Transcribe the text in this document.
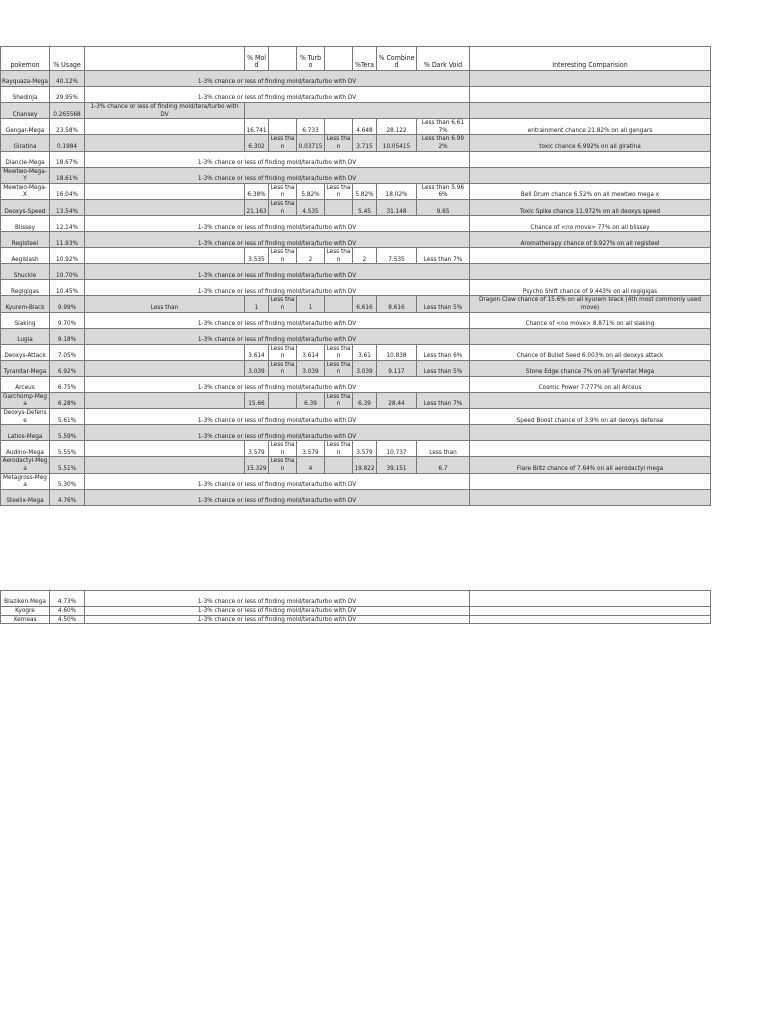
pokemon	% Usage		% Mold		% Turbo		%Tera	% Combined	% Dark Void	Interesting Comparision
Rayquaza-Mega	40.12%	1-3% chance or less of finding mold/tera/turbo with DV								
Shedinja	29.95%	1-3% chance or less of finding mold/tera/turbo with DV								
Chansey	0.265568	1-3% chance or less of finding mold/tera/turbo with DV								
Gengar-Mega	23.58%		16.741		6.733		4.648	28.122	Less than 6.617%	entrainment chance 21.82% on all gengars
Giratina	0.1984		6.302	Less than	0.03715	Less than	3.715	10.05415	Less than 6.992%	toxic chance 6.992% on all giratina
Diancie-Mega	18.67%	1-3% chance or less of finding mold/tera/turbo with DV								
Mewtwo-Mega-Y	18.61%	1-3% chance or less of finding mold/tera/turbo with DV								
Mewtwo-Mega-X	16.04%		6.38%	Less than	5.82%	Less than	5.82%	18.02%	Less than 5.966%	Bell Drum chance 6.52% on all mewtwo mega x
Deoxys-Speed	13.54%		21.163	Less than	4.535		5.45	31.148	9.65	Toxic Spike chance 11.972% on all deoxys speed
Blissey	12.14%	1-3% chance or less of finding mold/tera/turbo with DV								Chance of <no move> 77% on all blissey
Registeel	11.93%	1-3% chance or less of finding mold/tera/turbo with DV								Aromatherapy chance of 9.927% on all registeel
Aegislash	10.92%		3.535	Less than	2	Less than	2	7.535	Less than 7%	
Shuckle	10.70%	1-3% chance or less of finding mold/tera/turbo with DV								
Regigigas	10.45%	1-3% chance or less of finding mold/tera/turbo with DV								Psycho Shift chance of 9.443% on all regigigas
Kyurem-Black	9.99%	Less than	1	Less than	1		6.616	8.616	Less than 5%	Dragon Claw chance of 15.6% on all kyurem black (4th most commonly used move)
Slaking	9.70%	1-3% chance or less of finding mold/tera/turbo with DV								Chance of <no move> 8.871% on all slaking
Lugia	9.18%	1-3% chance or less of finding mold/tera/turbo with DV								
Deoxys-Attack	7.05%		3.614	Less than	3.614	Less than	3.61	10.838	Less than 6%	Chance of Bullet Seed 6.003% on all deoxys attack
Tyranitar-Mega	6.92%		3.039	Less than	3.039	Less than	3.039	9.117	Less than 5%	Stone Edge chance 7% on all Tyranitar Mega
Arceus	6.75%	1-3% chance or less of finding mold/tera/turbo with DV								Cosmic Power 7.777% on all Arceus
Garchomp-Mega	6.28%		15.66		6.39	Less than	6.39	28.44	Less than 7%	
Deoxys-Defense	5.61%	1-3% chance or less of finding mold/tera/turbo with DV								Speed Boost chance of 3.9% on all deoxys defense
Latios-Mega	5.59%	1-3% chance or less of finding mold/tera/turbo with DV								
Audino-Mega	5.55%		3.579	Less than	3.579	Less than	3.579	10.737	Less than	
Aerodactyl-Mega	5.51%		15.329	Less than	4		19.822	39.151	6.7	Flare Blitz chance of 7.64% on all aerodactyl mega
Metagross-Mega	5.30%	1-3% chance or less of finding mold/tera/turbo with DV								
Steelix-Mega	4.76%	1-3% chance or less of finding mold/tera/turbo with DV								
Blaziken-Mega	4.73%	1-3% chance or less of finding mold/tera/turbo with DV	
Kyogre	4.60%	1-3% chance or less of finding mold/tera/turbo with DV	
Xerneas	4.50%	1-3% chance or less of finding mold/tera/turbo with DV	
